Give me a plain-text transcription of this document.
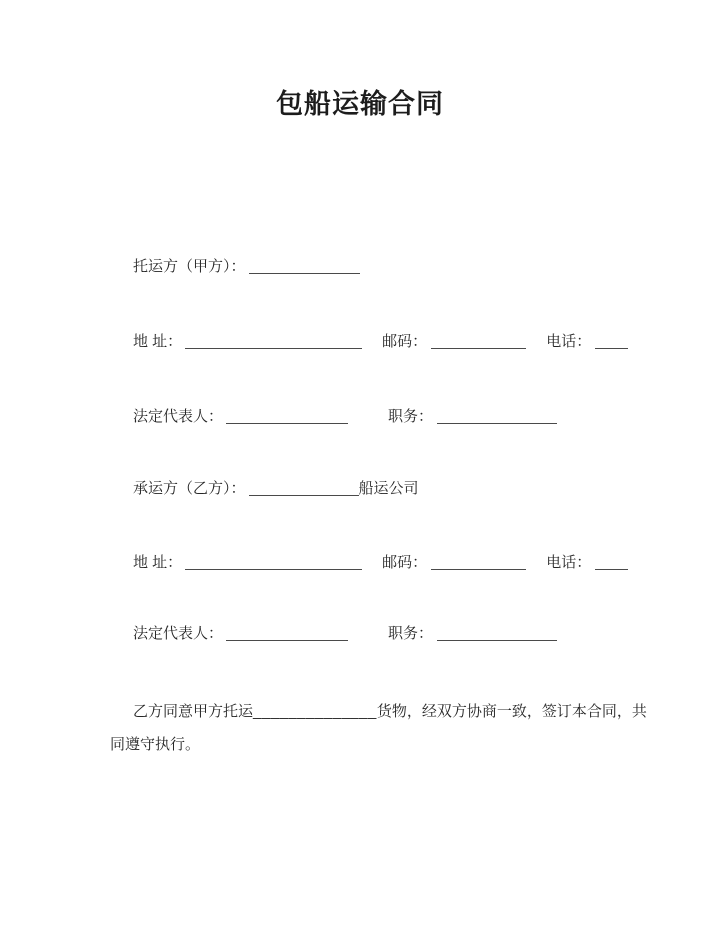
包船运输合同
托运方（甲方）：
地 址：	邮码：	电话：
法定代表人：	职务：
承运方（乙方）：	船运公司
地 址：	邮码：	电话：
法定代表人：	职务：

乙方同意甲方托运______________货物，经双方协商一致，签订本合同，共
同遵守执行。
